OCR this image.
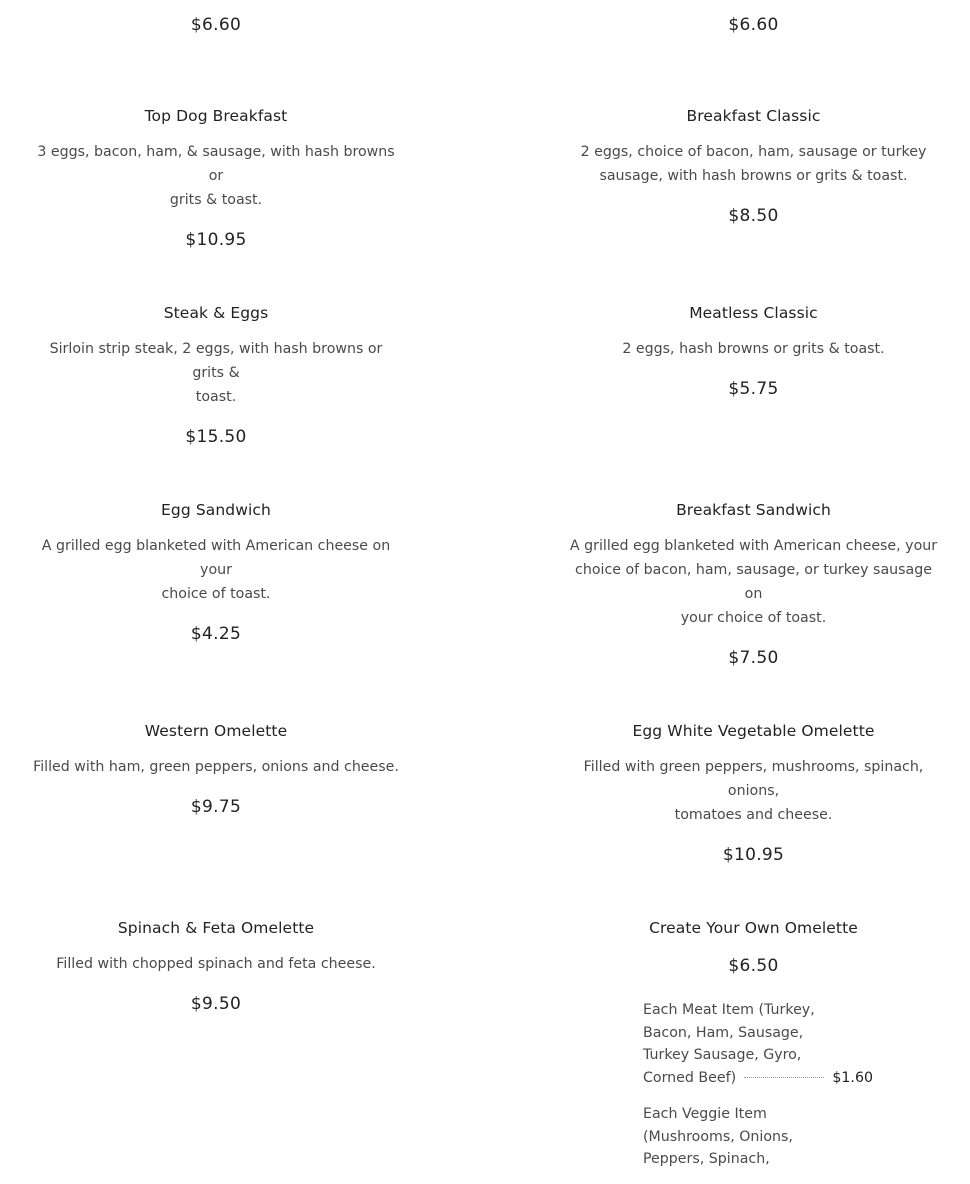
$6.60
Top Dog Breakfast
3 eggs, bacon, ham, & sausage, with hash browns or
grits & toast.
$10.95
Steak & Eggs
Sirloin strip steak, 2 eggs, with hash browns or grits &
toast.
$15.50
Egg Sandwich
A grilled egg blanketed with American cheese on your
choice of toast.
$4.25
Western Omelette
Filled with ham, green peppers, onions and cheese.
$9.75
Spinach & Feta Omelette
Filled with chopped spinach and feta cheese.
$9.50
$6.60
Breakfast Classic
2 eggs, choice of bacon, ham, sausage or turkey
sausage, with hash browns or grits & toast.
$8.50
Meatless Classic
2 eggs, hash browns or grits & toast.
$5.75
Breakfast Sandwich
A grilled egg blanketed with American cheese, your
choice of bacon, ham, sausage, or turkey sausage on
your choice of toast.
$7.50
Egg White Vegetable Omelette
Filled with green peppers, mushrooms, spinach, onions,
tomatoes and cheese.
$10.95
Create Your Own Omelette
$6.50
Each Meat Item (Turkey,
Bacon, Ham, Sausage,
Turkey Sausage, Gyro,
Corned Beef)	$1.60
Each Veggie Item
(Mushrooms, Onions,
Peppers, Spinach,
